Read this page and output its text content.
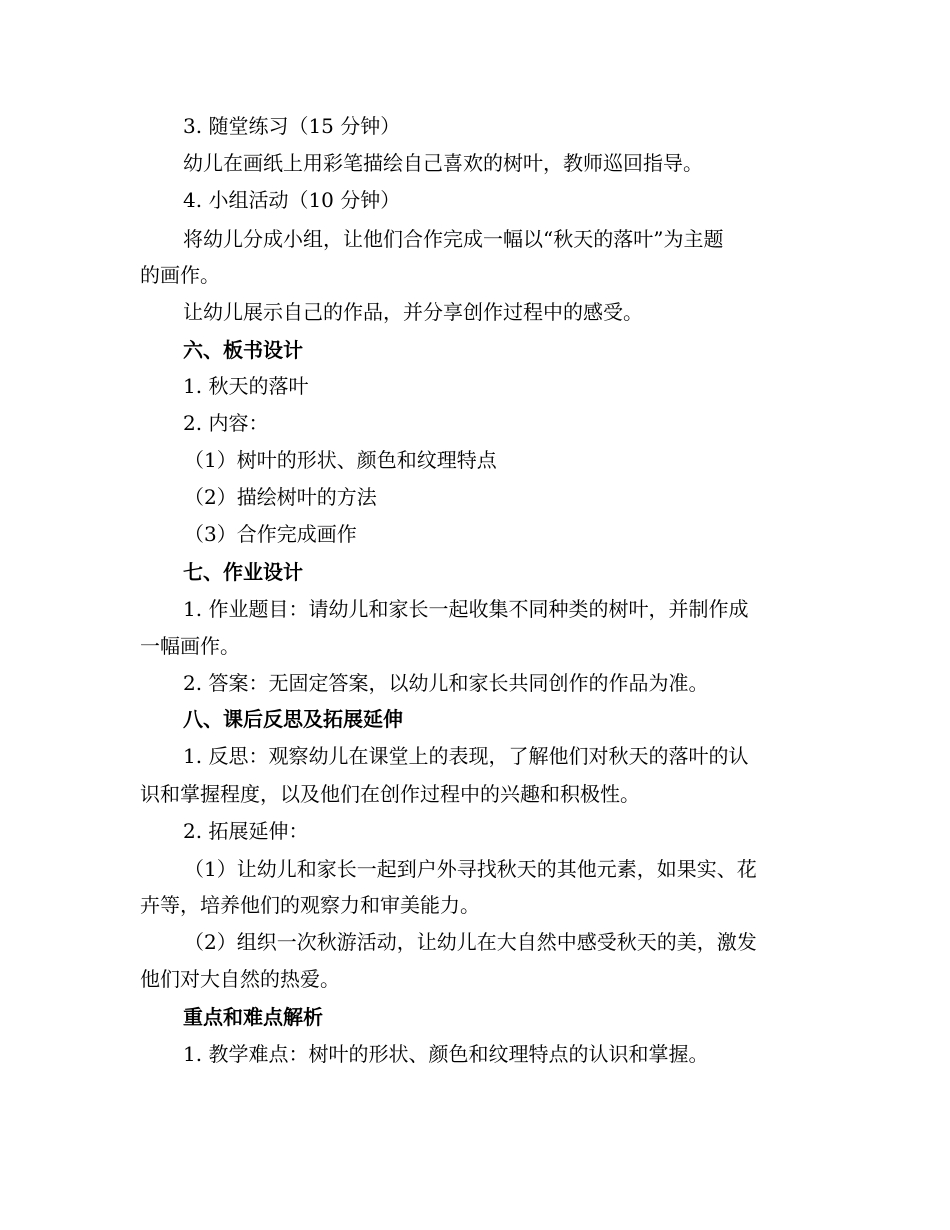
3. 随堂练习（15 分钟）
幼儿在画纸上用彩笔描绘自己喜欢的树叶，教师巡回指导。
4. 小组活动（10 分钟）
将幼儿分成小组，让他们合作完成一幅以“秋天的落叶”为主题
的画作。
让幼儿展示自己的作品，并分享创作过程中的感受。
六、板书设计
1. 秋天的落叶
2. 内容：
（1）树叶的形状、颜色和纹理特点
（2）描绘树叶的方法
（3）合作完成画作
七、作业设计
1. 作业题目：请幼儿和家长一起收集不同种类的树叶，并制作成
一幅画作。
2. 答案：无固定答案，以幼儿和家长共同创作的作品为准。
八、课后反思及拓展延伸
1. 反思：观察幼儿在课堂上的表现，了解他们对秋天的落叶的认
识和掌握程度，以及他们在创作过程中的兴趣和积极性。
2. 拓展延伸：
（1）让幼儿和家长一起到户外寻找秋天的其他元素，如果实、花
卉等，培养他们的观察力和审美能力。
（2）组织一次秋游活动，让幼儿在大自然中感受秋天的美，激发
他们对大自然的热爱。
重点和难点解析
1. 教学难点：树叶的形状、颜色和纹理特点的认识和掌握。
